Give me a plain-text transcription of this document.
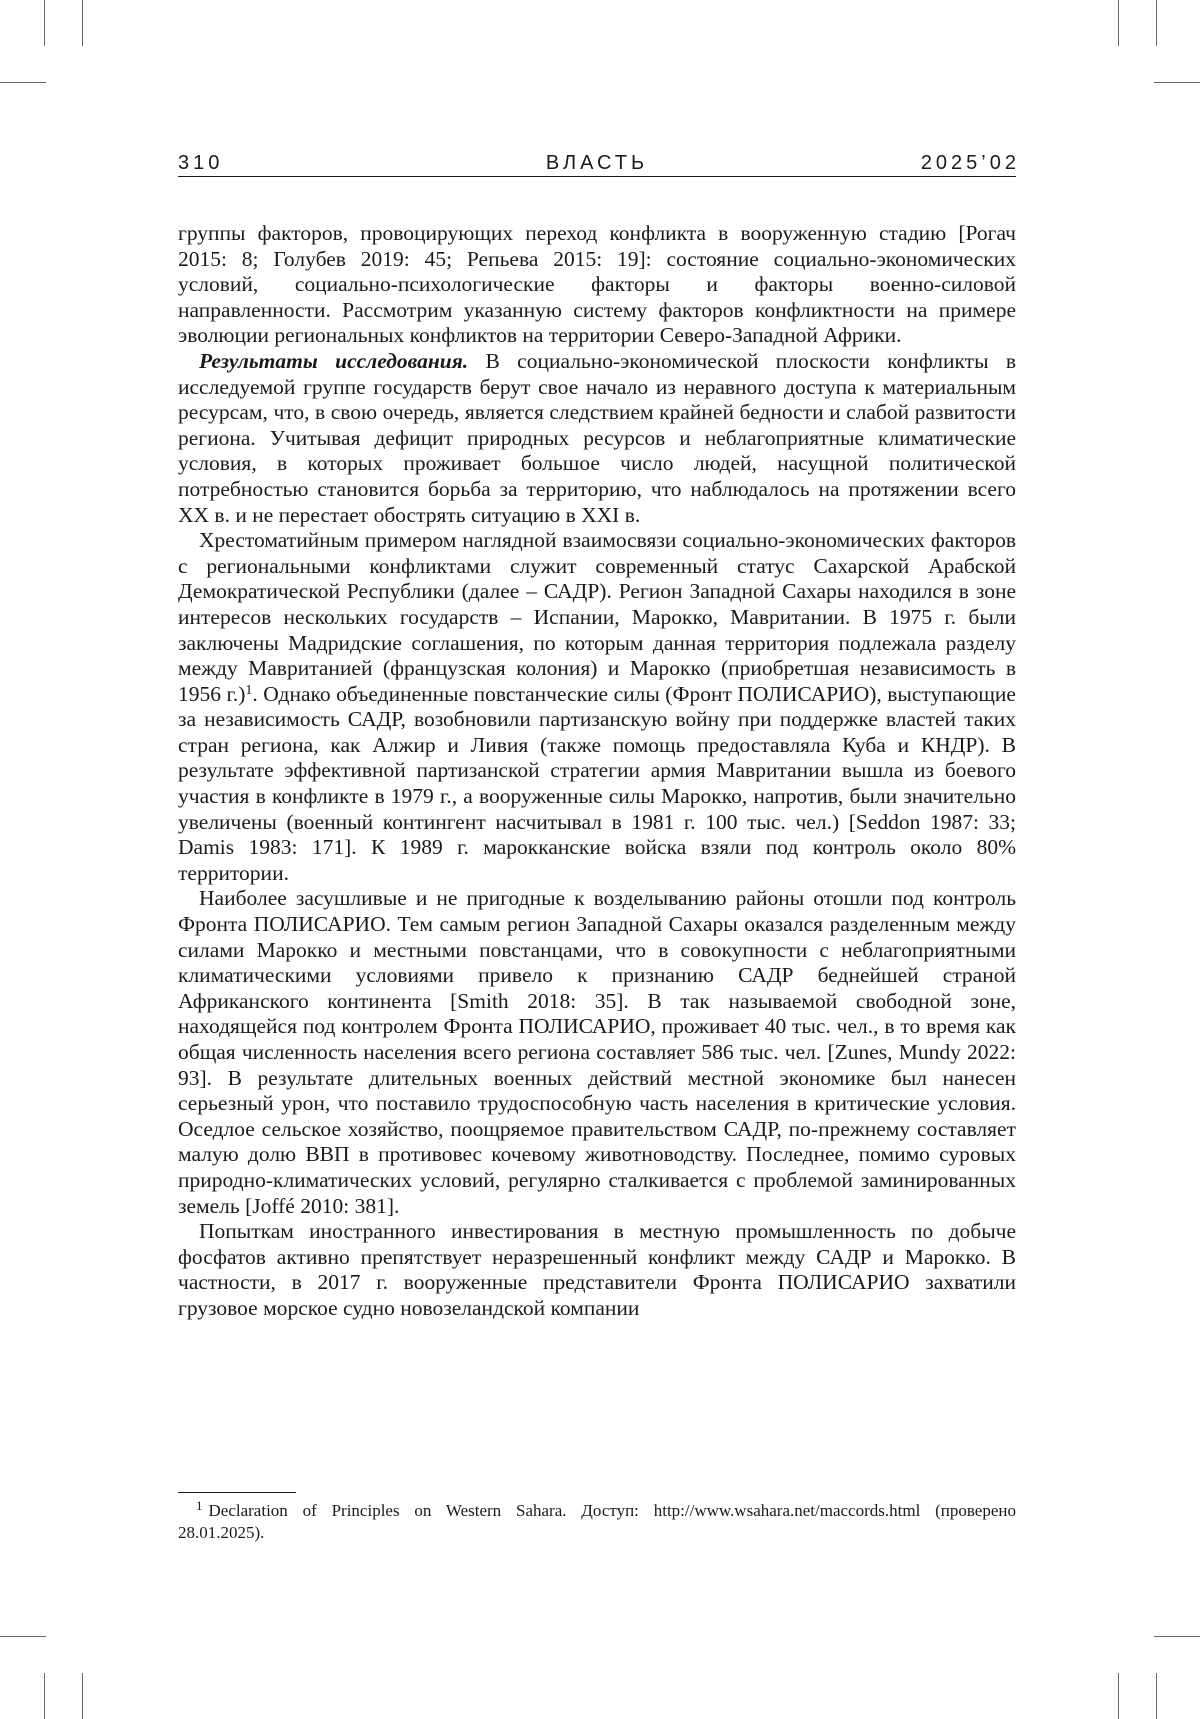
ВЛАСТЬ
310	2025’02

группы факторов, провоцирующих переход конфликта в вооруженную стадию [Рогач 2015: 8; Голубев 2019: 45; Репьева 2015: 19]: состояние социально-экономических условий, социально-психологические факторы и факторы военно-силовой направленности. Рассмотрим указанную систему факторов конфликтности на примере эволюции региональных конфликтов на территории Северо-Западной Африки.

Результаты исследования. В социально-экономической плоскости конфликты в исследуемой группе государств берут свое начало из неравного доступа к материальным ресурсам, что, в свою очередь, является следствием крайней бедности и слабой развитости региона. Учитывая дефицит природных ресурсов и неблагоприятные климатические условия, в которых проживает большое число людей, насущной политической потребностью становится борьба за территорию, что наблюдалось на протяжении всего XX в. и не перестает обострять ситуацию в XXI в.

Хрестоматийным примером наглядной взаимосвязи социально-экономических факторов с региональными конфликтами служит современный статус Сахарской Арабской Демократической Республики (далее – САДР). Регион Западной Сахары находился в зоне интересов нескольких государств – Испании, Марокко, Мавритании. В 1975 г. были заключены Мадридские соглашения, по которым данная территория подлежала разделу между Мавританией (французская колония) и Марокко (приобретшая независимость в 1956 г.)$^1$. Однако объединенные повстанческие силы (Фронт ПОЛИСАРИО), выступающие за независимость САДР, возобновили партизанскую войну при поддержке властей таких стран региона, как Алжир и Ливия (также помощь предоставляла Куба и КНДР). В результате эффективной партизанской стратегии армия Мавритании вышла из боевого участия в конфликте в 1979 г., а вооруженные силы Марокко, напротив, были значительно увеличены (военный контингент насчитывал в 1981 г. 100 тыс. чел.) [Seddon 1987: 33; Damis 1983: 171]. К 1989 г. марокканские войска взяли под контроль около 80% территории.

Наиболее засушливые и не пригодные к возделыванию районы отошли под контроль Фронта ПОЛИСАРИО. Тем самым регион Западной Сахары оказался разделенным между силами Марокко и местными повстанцами, что в совокупности с неблагоприятными климатическими условиями привело к признанию САДР беднейшей страной Африканского континента [Smith 2018: 35]. В так называемой свободной зоне, находящейся под контролем Фронта ПОЛИСАРИО, проживает 40 тыс. чел., в то время как общая численность населения всего региона составляет 586 тыс. чел. [Zunes, Mundy 2022: 93]. В результате длительных военных действий местной экономике был нанесен серьезный урон, что поставило трудоспособную часть населения в критические условия. Оседлое сельское хозяйство, поощряемое правительством САДР, по-прежнему составляет малую долю ВВП в противовес кочевому животноводству. Последнее, помимо суровых природно-климатических условий, регулярно сталкивается с проблемой заминированных земель [Joffé 2010: 381].

Попыткам иностранного инвестирования в местную промышленность по добыче фосфатов активно препятствует неразрешенный конфликт между САДР и Марокко. В частности, в 2017 г. вооруженные представители Фронта ПОЛИСАРИО захватили грузовое морское судно новозеландской компании

$^1$ Declaration of Principles on Western Sahara. Доступ: http://www.wsahara.net/maccords.html (проверено 28.01.2025).
